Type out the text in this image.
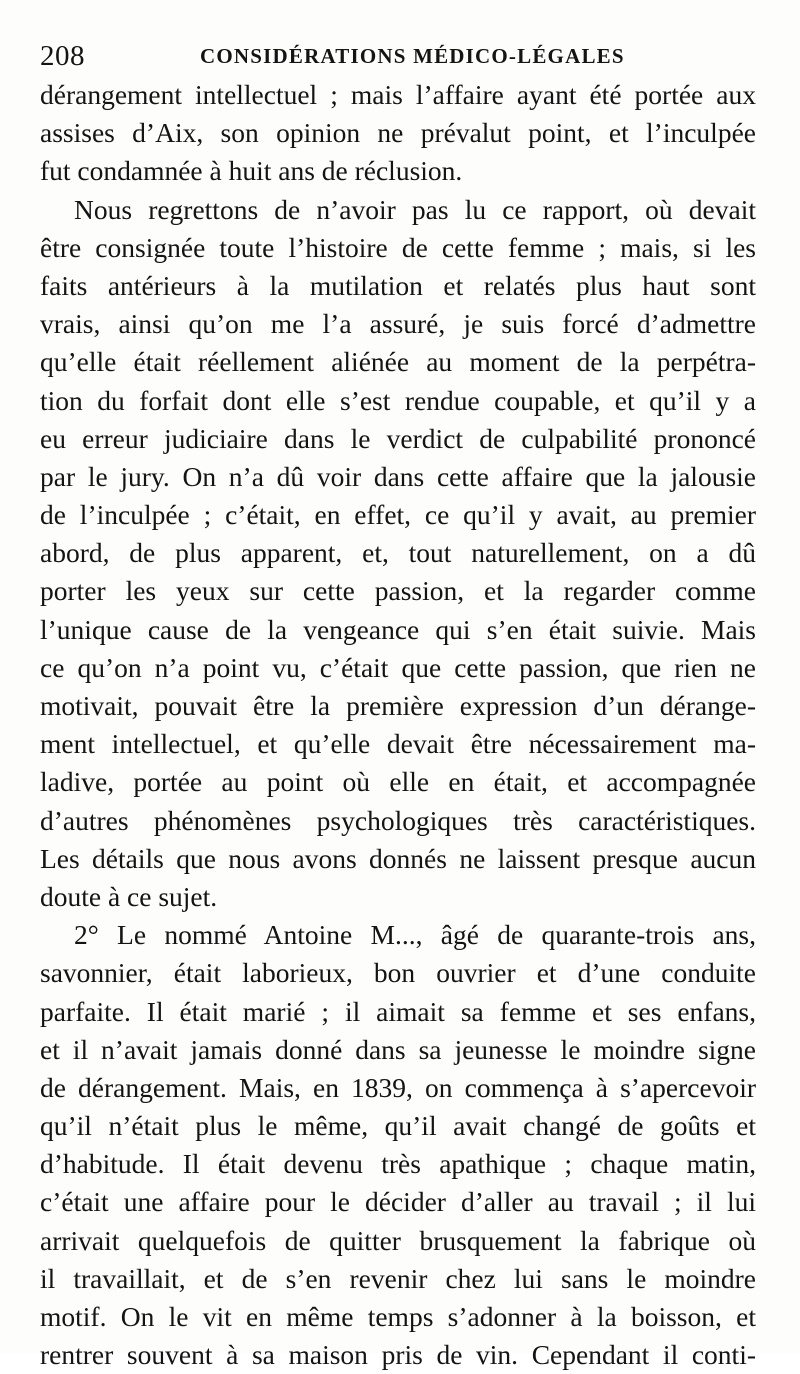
208	CONSIDÉRATIONS MÉDICO-LÉGALES
dérangement intellectuel ; mais l’affaire ayant été portée aux
assises d’Aix, son opinion ne prévalut point, et l’inculpée
fut condamnée à huit ans de réclusion.
Nous regrettons de n’avoir pas lu ce rapport, où devait
être consignée toute l’histoire de cette femme ; mais, si les
faits antérieurs à la mutilation et relatés plus haut sont
vrais, ainsi qu’on me l’a assuré, je suis forcé d’admettre
qu’elle était réellement aliénée au moment de la perpétra-
tion du forfait dont elle s’est rendue coupable, et qu’il y a
eu erreur judiciaire dans le verdict de culpabilité prononcé
par le jury. On n’a dû voir dans cette affaire que la jalousie
de l’inculpée ; c’était, en effet, ce qu’il y avait, au premier
abord, de plus apparent, et, tout naturellement, on a dû
porter les yeux sur cette passion, et la regarder comme
l’unique cause de la vengeance qui s’en était suivie. Mais
ce qu’on n’a point vu, c’était que cette passion, que rien ne
motivait, pouvait être la première expression d’un dérange-
ment intellectuel, et qu’elle devait être nécessairement ma-
ladive, portée au point où elle en était, et accompagnée
d’autres phénomènes psychologiques très caractéristiques.
Les détails que nous avons donnés ne laissent presque aucun
doute à ce sujet.
2° Le nommé Antoine M..., âgé de quarante-trois ans,
savonnier, était laborieux, bon ouvrier et d’une conduite
parfaite. Il était marié ; il aimait sa femme et ses enfans,
et il n’avait jamais donné dans sa jeunesse le moindre signe
de dérangement. Mais, en 1839, on commença à s’apercevoir
qu’il n’était plus le même, qu’il avait changé de goûts et
d’habitude. Il était devenu très apathique ; chaque matin,
c’était une affaire pour le décider d’aller au travail ; il lui
arrivait quelquefois de quitter brusquement la fabrique où
il travaillait, et de s’en revenir chez lui sans le moindre
motif. On le vit en même temps s’adonner à la boisson, et
rentrer souvent à sa maison pris de vin. Cependant il conti-
